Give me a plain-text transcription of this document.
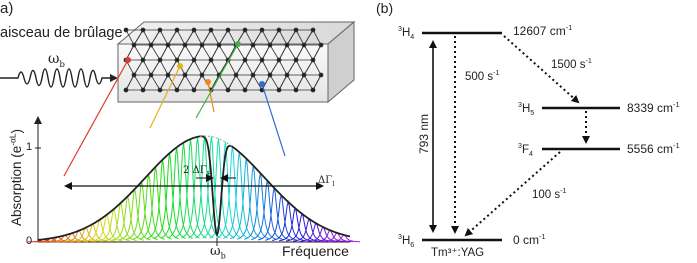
a)
aisceau de brûlage
$\omega_b$
Absorption $(e^{-\alpha L})$
1
0
2 $\Delta\Gamma_H$
$\Delta\Gamma_I$
$\omega_b$	Fréquence
(b)
$^3H_4$	12607 $cm^{-1}$
$^3H_5$	8339 $cm^{-1}$
$^3F_4$	5556 $cm^{-1}$
$^3H_6$	0 $cm^{-1}$
793 nm
500 $s^{-1}$
1500 $s^{-1}$
100 $s^{-1}$
Tm³⁺:YAG
